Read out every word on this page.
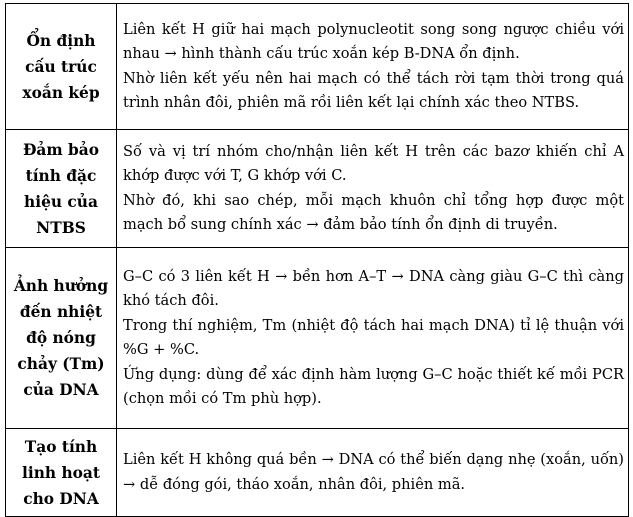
Ổn định cấu trúc xoắn kép	Liên kết H giữ hai mạch polynucleotit song song ngược chiều với nhau → hình thành cấu trúc xoắn kép B-DNA ổn định.
Nhờ liên kết yếu nên hai mạch có thể tách rời tạm thời trong quá trình nhân đôi, phiên mã rồi liên kết lại chính xác theo NTBS.

Đảm bảo tính đặc hiệu của NTBS	Số và vị trí nhóm cho/nhận liên kết H trên các bazơ khiến chỉ A khớp được với T, G khớp với C.
Nhờ đó, khi sao chép, mỗi mạch khuôn chỉ tổng hợp được một mạch bổ sung chính xác → đảm bảo tính ổn định di truyền.

Ảnh hưởng đến nhiệt độ nóng chảy (Tm) của DNA	G–C có 3 liên kết H → bền hơn A–T → DNA càng giàu G–C thì càng khó tách đôi.
Trong thí nghiệm, Tm (nhiệt độ tách hai mạch DNA) tỉ lệ thuận với %G + %C.
Ứng dụng: dùng để xác định hàm lượng G–C hoặc thiết kế mồi PCR (chọn mồi có Tm phù hợp).

Tạo tính linh hoạt cho DNA	Liên kết H không quá bền → DNA có thể biến dạng nhẹ (xoắn, uốn) → dễ đóng gói, tháo xoắn, nhân đôi, phiên mã.
